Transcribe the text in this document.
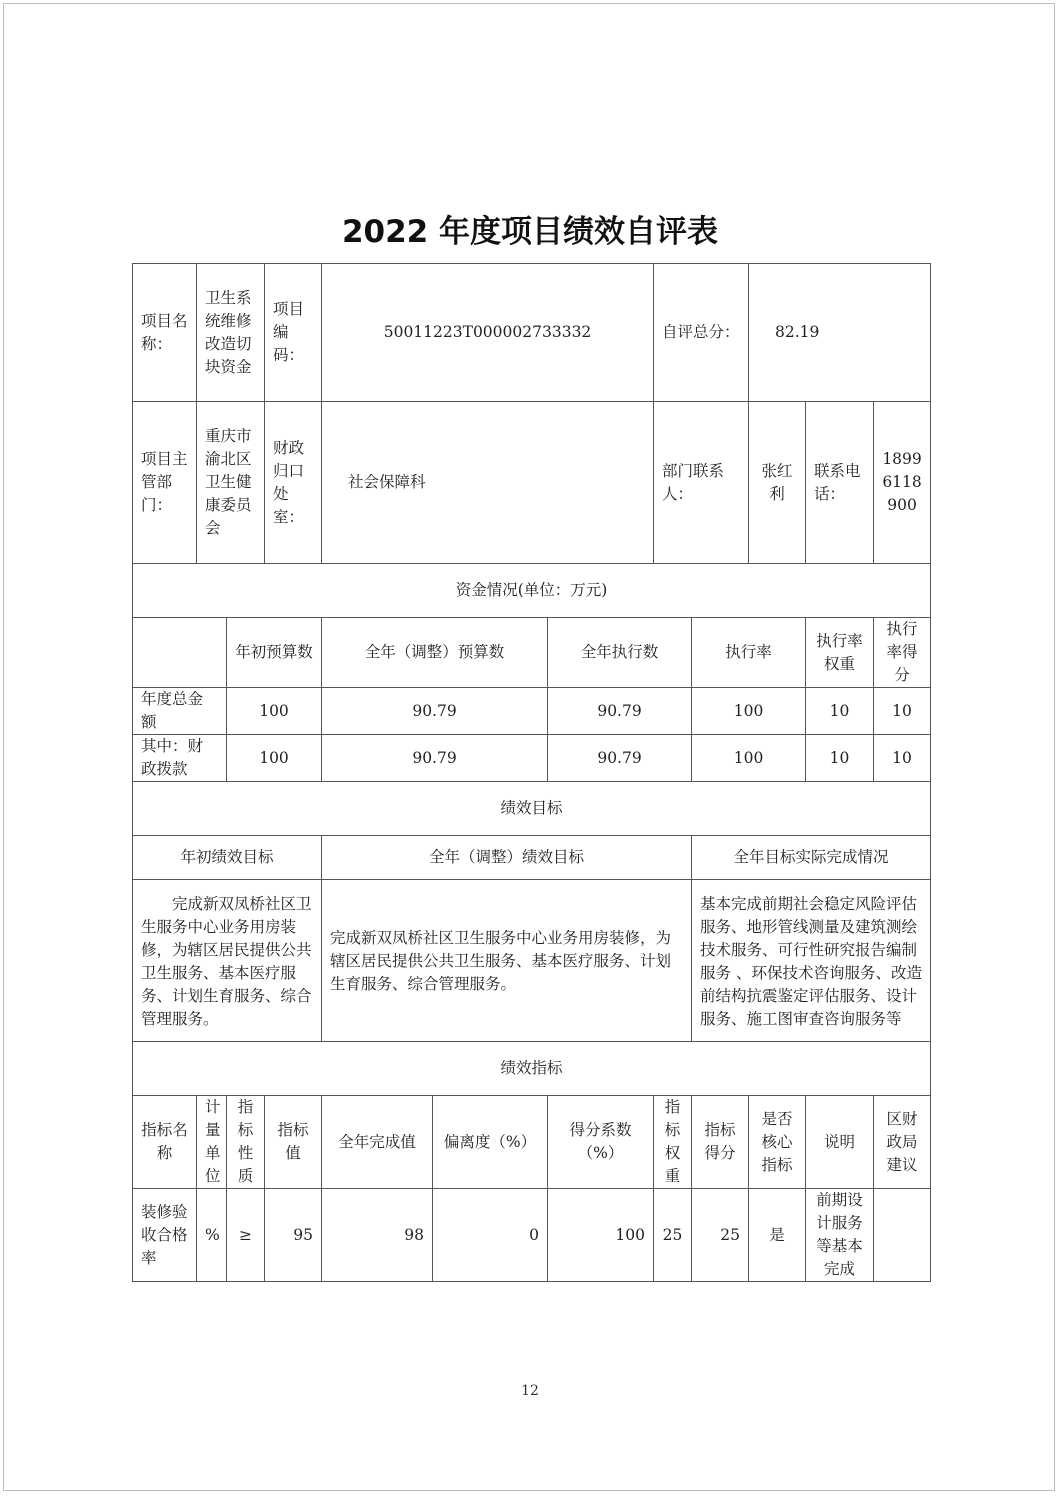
2022 年度项目绩效自评表
项目名称：	卫生系统维修改造切块资金		项目编码：	50011223T000002733332			自评总分：		82.19		
项目主管部门：	重庆市渝北区卫生健康委员会		财政归口处室：	社会保障科			部门联系人：		张红利	联系电话：	18996118900
资金情况(单位：万元)											
		年初预算数		全年（调整）预算数		全年执行数		执行率		执行率权重	执行率得分
年度总金额		100		90.79		90.79		100		10	10
其中：财政拨款		100		90.79		90.79		100		10	10
绩效目标											
年初绩效目标				全年（调整）绩效目标				全年目标实际完成情况			
完成新双凤桥社区卫生服务中心业务用房装修，为辖区居民提供公共卫生服务、基本医疗服务、计划生育服务、综合管理服务。				完成新双凤桥社区卫生服务中心业务用房装修，为辖区居民提供公共卫生服务、基本医疗服务、计划生育服务、综合管理服务。				基本完成前期社会稳定风险评估服务、地形管线测量及建筑测绘技术服务、可行性研究报告编制服务 、环保技术咨询服务、改造前结构抗震鉴定评估服务、设计服务、施工图审查咨询服务等			
绩效指标											
指标名称	计量单位	指标性质	指标值	全年完成值	偏离度（%）	得分系数（%）	指标权重	指标得分	是否核心指标	说明	区财政局建议
装修验收合格率	%	≥	95	98	0	100	25	25	是	前期设计服务等基本完成	
12
